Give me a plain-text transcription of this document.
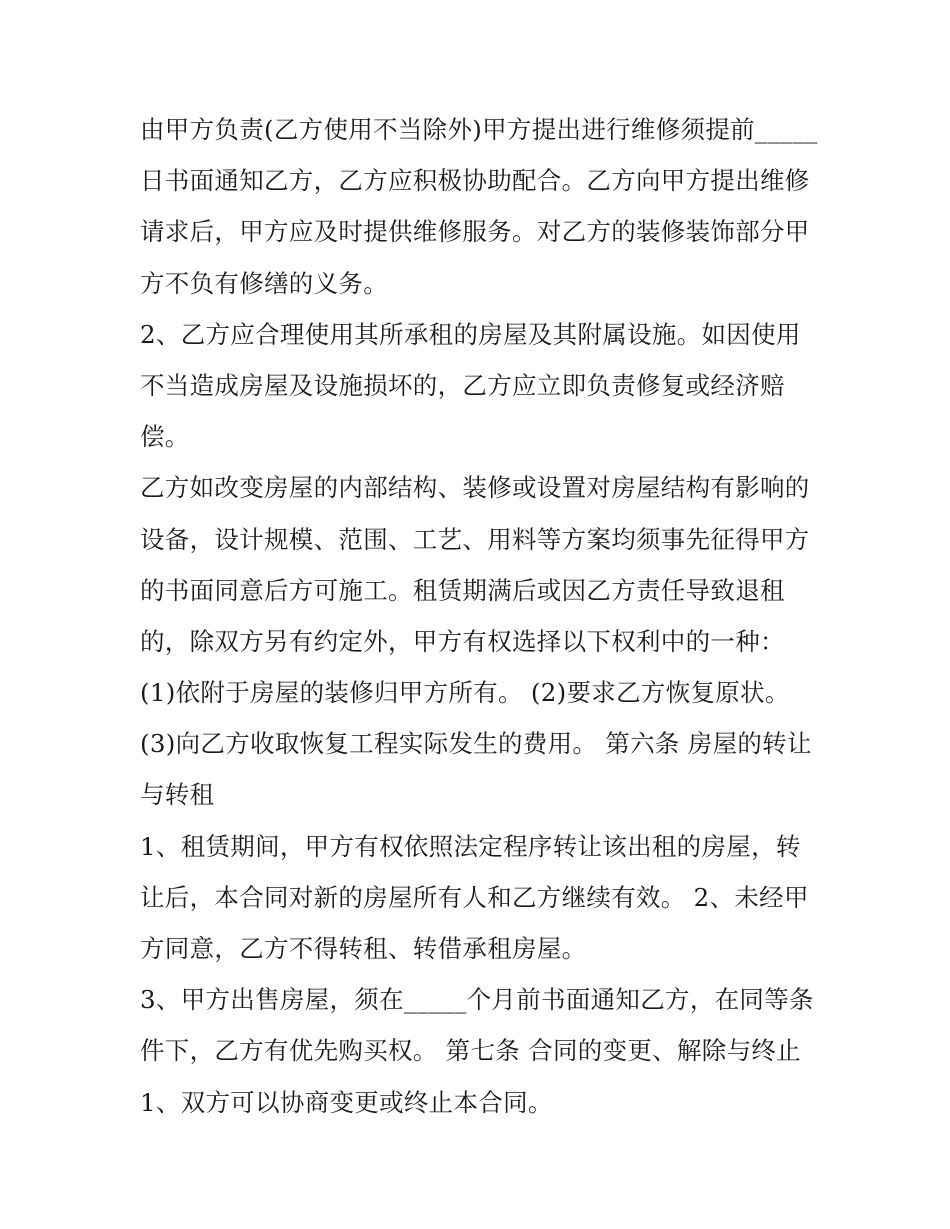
由甲方负责(乙方使用不当除外)甲方提出进行维修须提前_____
日书面通知乙方，乙方应积极协助配合。乙方向甲方提出维修
请求后，甲方应及时提供维修服务。对乙方的装修装饰部分甲
方不负有修缮的义务。
2、乙方应合理使用其所承租的房屋及其附属设施。如因使用
不当造成房屋及设施损坏的，乙方应立即负责修复或经济赔
偿。
乙方如改变房屋的内部结构、装修或设置对房屋结构有影响的
设备，设计规模、范围、工艺、用料等方案均须事先征得甲方
的书面同意后方可施工。租赁期满后或因乙方责任导致退租
的，除双方另有约定外，甲方有权选择以下权利中的一种：
(1)依附于房屋的装修归甲方所有。 (2)要求乙方恢复原状。
(3)向乙方收取恢复工程实际发生的费用。 第六条 房屋的转让
与转租
1、租赁期间，甲方有权依照法定程序转让该出租的房屋，转
让后，本合同对新的房屋所有人和乙方继续有效。 2、未经甲
方同意，乙方不得转租、转借承租房屋。
3、甲方出售房屋，须在_____个月前书面通知乙方，在同等条
件下，乙方有优先购买权。 第七条 合同的变更、解除与终止
1、双方可以协商变更或终止本合同。
